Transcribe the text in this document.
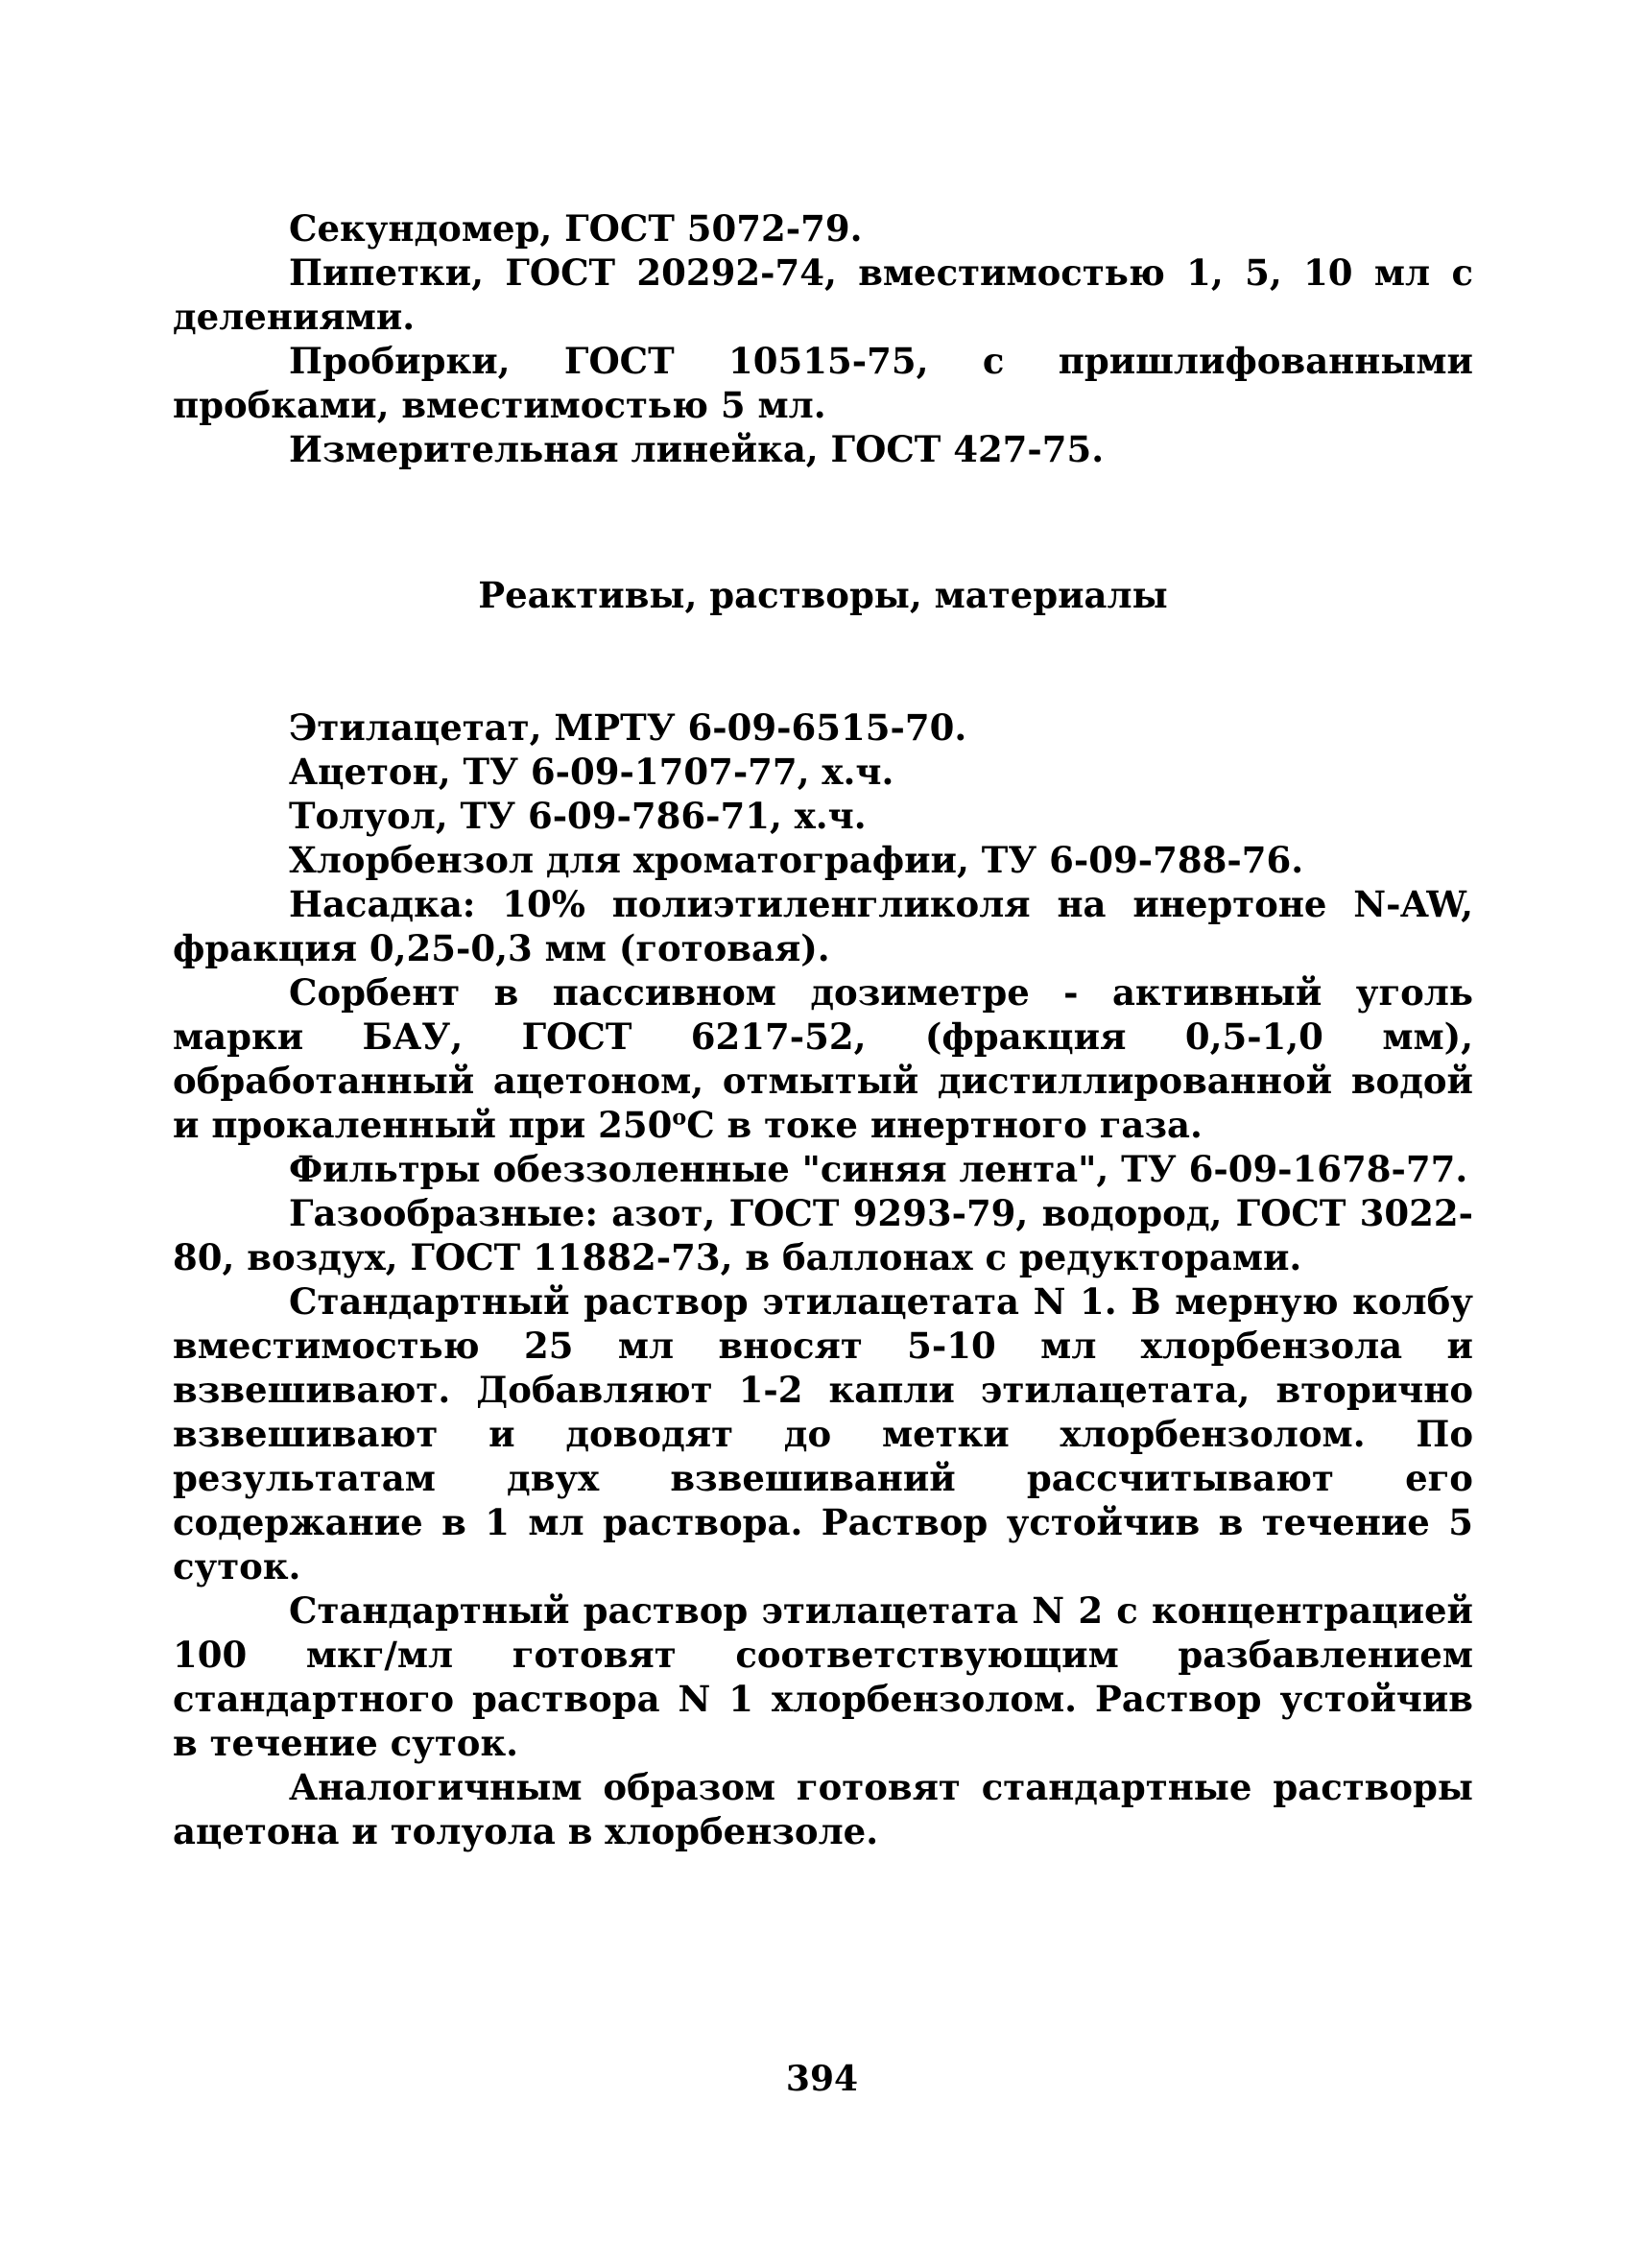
Секундомер, ГОСТ 5072-79.

Пипетки, ГОСТ 20292-74, вместимостью 1, 5, 10 мл с делениями.

Пробирки, ГОСТ 10515-75, с пришлифованными пробками, вместимостью 5 мл.

Измерительная линейка, ГОСТ 427-75.

Реактивы, растворы, материалы

Этилацетат, МРТУ 6-09-6515-70.

Ацетон, ТУ 6-09-1707-77, х.ч.

Толуол, ТУ 6-09-786-71, х.ч.

Хлорбензол для хроматографии, ТУ 6-09-788-76.

Насадка: 10% полиэтиленгликоля на инертоне N-AW, фракция 0,25-0,3 мм (готовая).

Сорбент в пассивном дозиметре - активный уголь марки БАУ, ГОСТ 6217-52, (фракция 0,5-1,0 мм), обработанный ацетоном, отмытый дистиллированной водой и прокаленный при $250^оС$ в токе инертного газа.

Фильтры обеззоленные "синяя лента", ТУ 6-09-1678-77.

Газообразные: азот, ГОСТ 9293-79, водород, ГОСТ 3022-80, воздух, ГОСТ 11882-73, в баллонах с редукторами.

Стандартный раствор этилацетата N 1. В мерную колбу вместимостью 25 мл вносят 5-10 мл хлорбензола и взвешивают. Добавляют 1-2 капли этилацетата, вторично взвешивают и доводят до метки хлорбензолом. По результатам двух взвешиваний рассчитывают его содержание в 1 мл раствора. Раствор устойчив в течение 5 суток.

Стандартный раствор этилацетата N 2 с концентрацией 100 мкг/мл готовят соответствующим разбавлением стандартного раствора N 1 хлорбензолом. Раствор устойчив в течение суток.

Аналогичным образом готовят стандартные растворы ацетона и толуола в хлорбензоле.

394
